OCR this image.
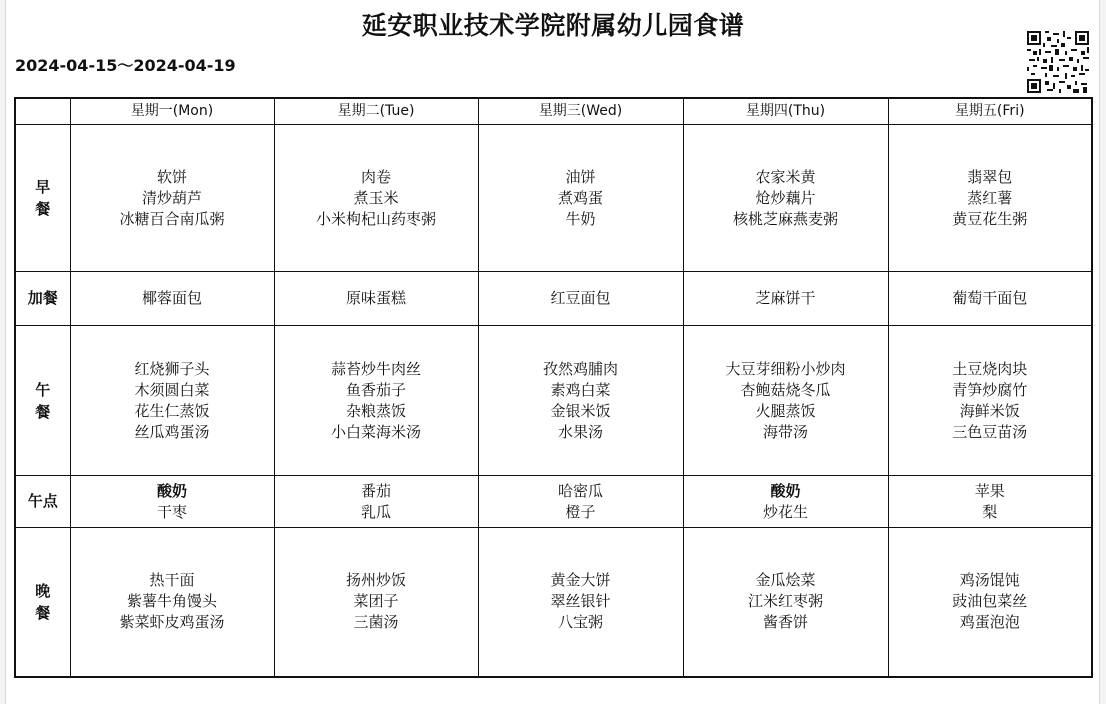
延安职业技术学院附属幼儿园食谱
2024-04-15～2024-04-19
	星期一(Mon)	星期二(Tue)	星期三(Wed)	星期四(Thu)	星期五(Fri)

早
餐	软饼
清炒葫芦
冰糖百合南瓜粥	肉卷
煮玉米
小米枸杞山药枣粥	油饼
煮鸡蛋
牛奶	农家米黄
炝炒藕片
核桃芝麻燕麦粥	翡翠包
蒸红薯
黄豆花生粥

加餐	椰蓉面包	原味蛋糕	红豆面包	芝麻饼干	葡萄干面包

午
餐	红烧狮子头
木须圆白菜
花生仁蒸饭
丝瓜鸡蛋汤	蒜苔炒牛肉丝
鱼香茄子
杂粮蒸饭
小白菜海米汤	孜然鸡脯肉
素鸡白菜
金银米饭
水果汤	大豆芽细粉小炒肉
杏鲍菇烧冬瓜
火腿蒸饭
海带汤	土豆烧肉块
青笋炒腐竹
海鲜米饭
三色豆苗汤

午点	酸奶
干枣	番茄
乳瓜	哈密瓜
橙子	酸奶
炒花生	苹果
梨

晚
餐	热干面
紫薯牛角馒头
紫菜虾皮鸡蛋汤	扬州炒饭
菜团子
三菌汤	黄金大饼
翠丝银针
八宝粥	金瓜烩菜
江米红枣粥
酱香饼	鸡汤馄饨
豉油包菜丝
鸡蛋泡泡
